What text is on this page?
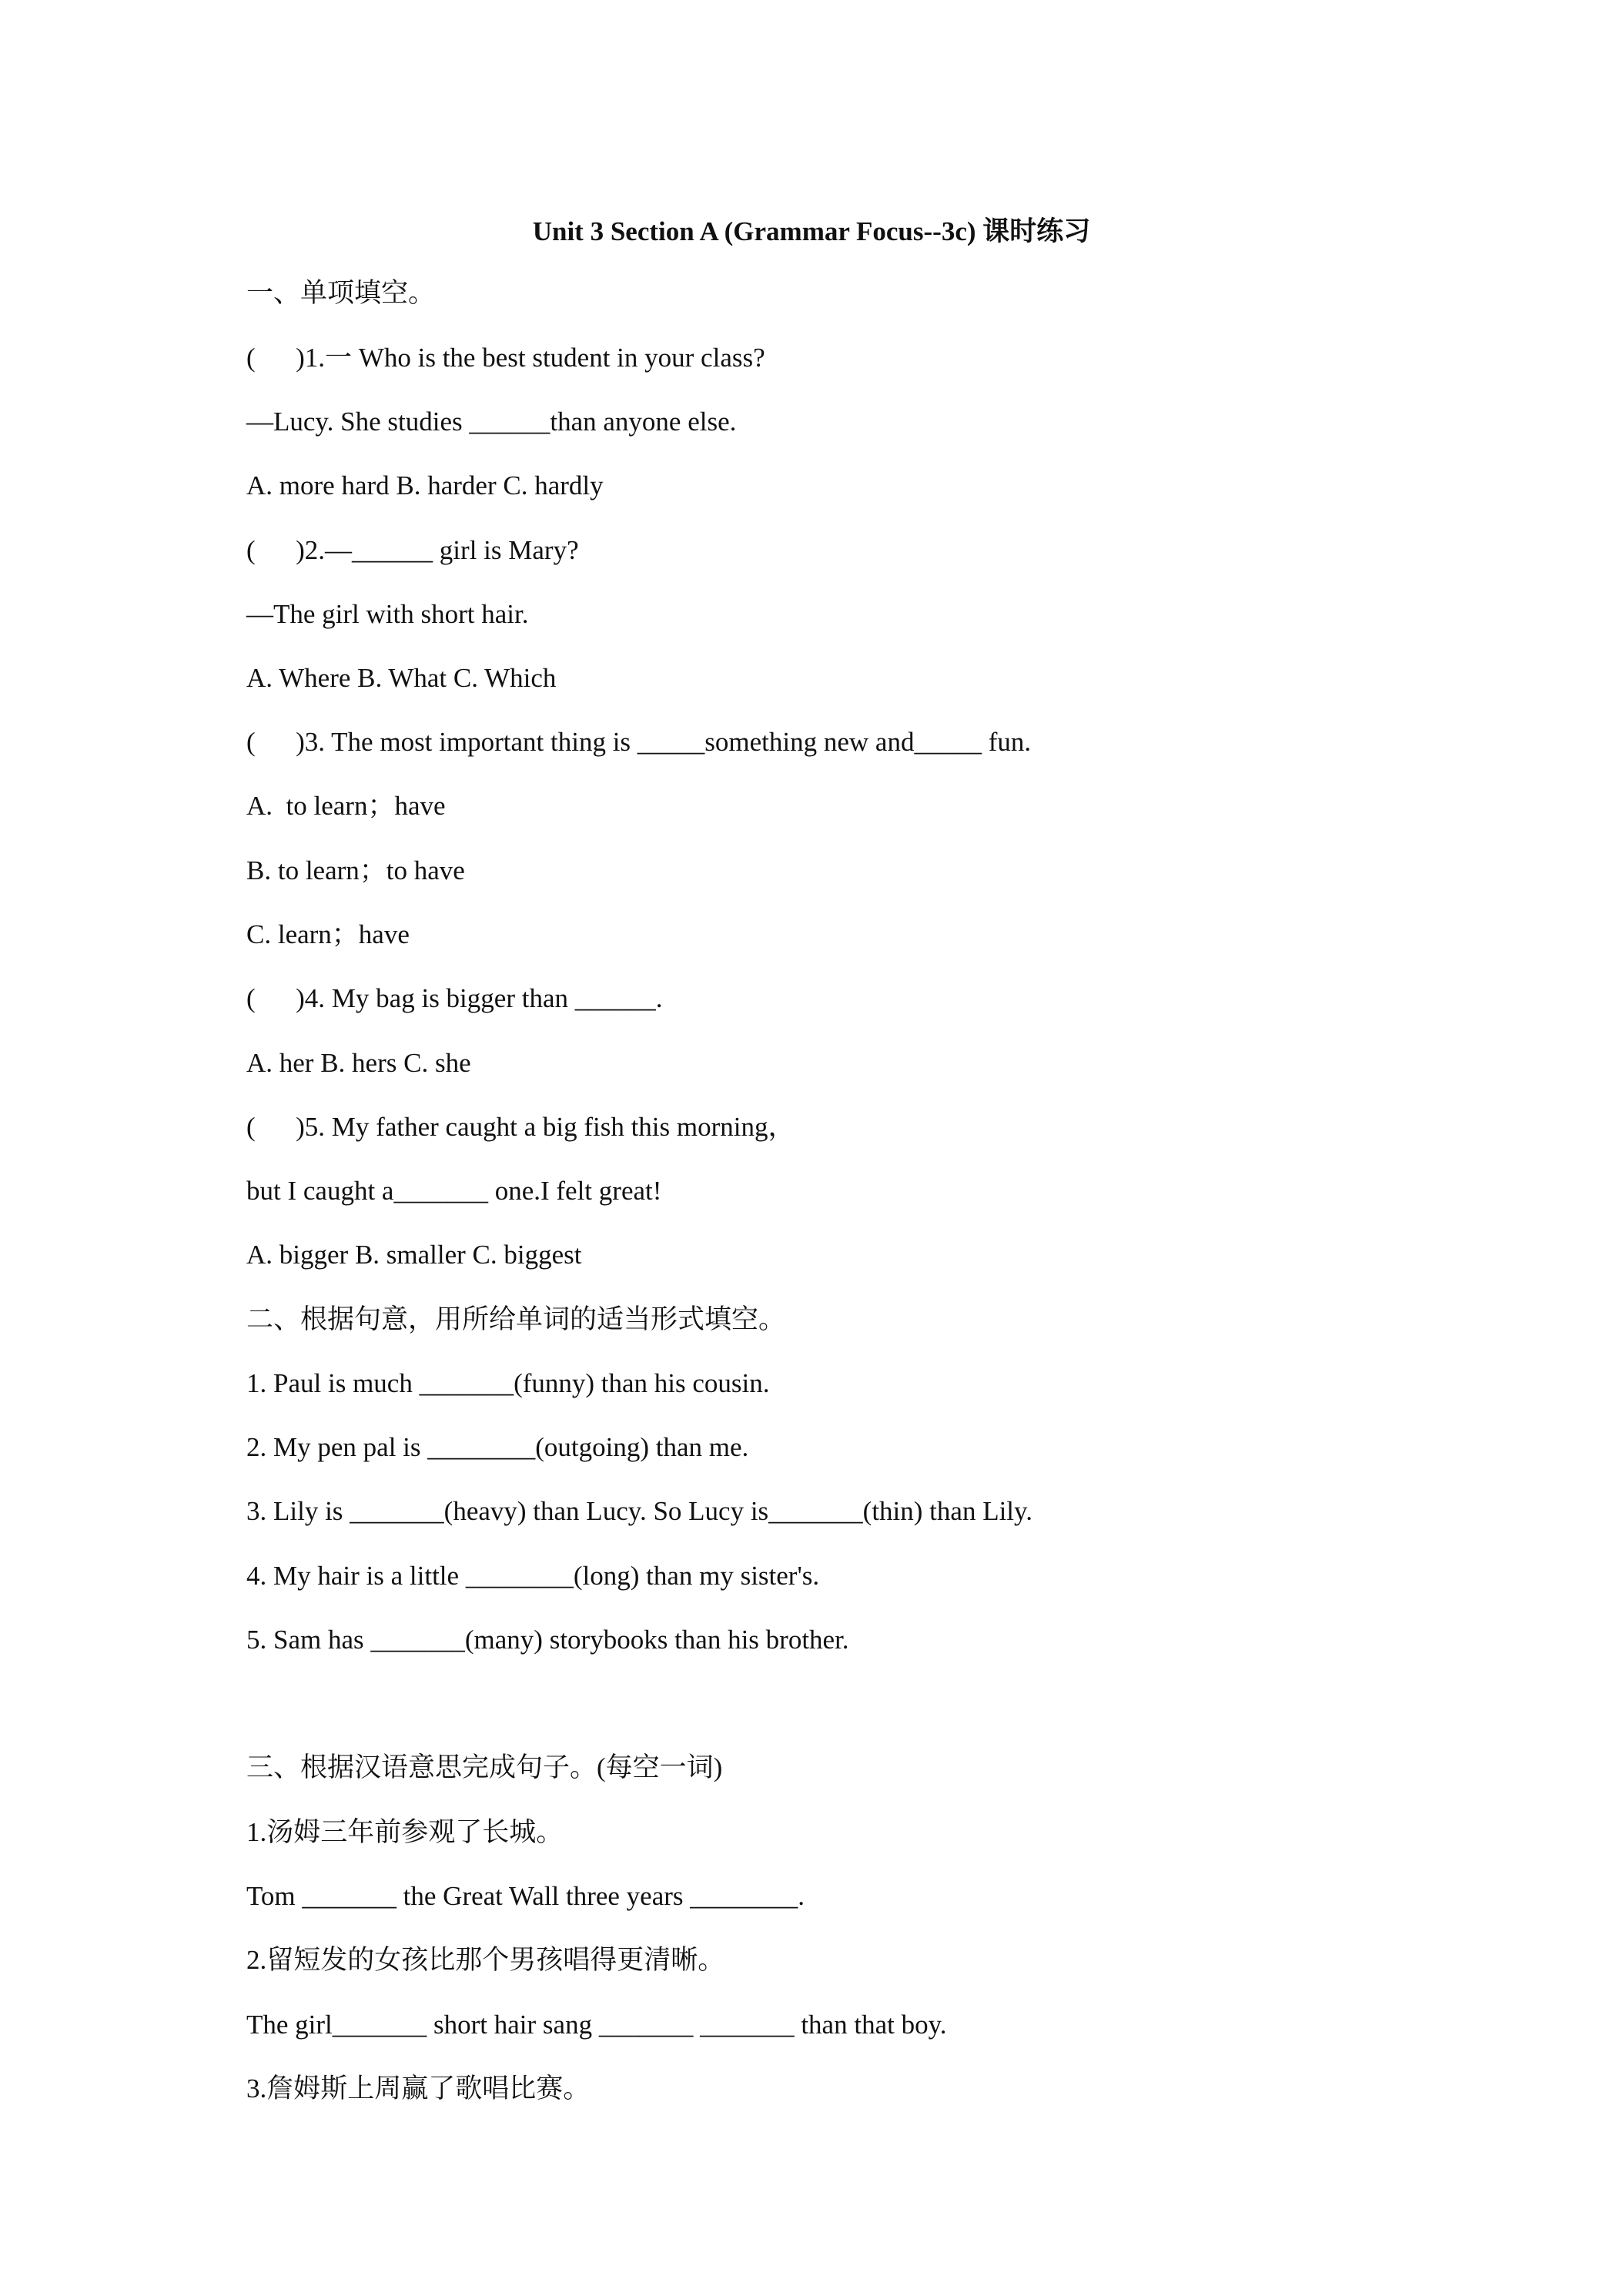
Unit 3 Section A (Grammar Focus--3c) 课时练习
一、单项填空。
(      )1.一 Who is the best student in your class?
—Lucy. She studies ______than anyone else.
A. more hard B. harder C. hardly
(      )2.—______ girl is Mary?
—The girl with short hair.
A. Where B. What C. Which
(      )3. The most important thing is _____something new and_____ fun.
A.  to learn；have
B. to learn；to have
C. learn；have
(      )4. My bag is bigger than ______.
A. her B. hers C. she
(      )5. My father caught a big fish this morning，
but I caught a_______ one.I felt great!
A. bigger B. smaller C. biggest
二、根据句意，用所给单词的适当形式填空。
1. Paul is much _______(funny) than his cousin.
2. My pen pal is ________(outgoing) than me.
3. Lily is _______(heavy) than Lucy. So Lucy is_______(thin) than Lily.
4. My hair is a little ________(long) than my sister's.
5. Sam has _______(many) storybooks than his brother.
三、根据汉语意思完成句子。(每空一词)
1.汤姆三年前参观了长城。
Tom _______ the Great Wall three years ________.
2.留短发的女孩比那个男孩唱得更清晰。
The girl_______ short hair sang _______ _______ than that boy.
3.詹姆斯上周赢了歌唱比赛。
